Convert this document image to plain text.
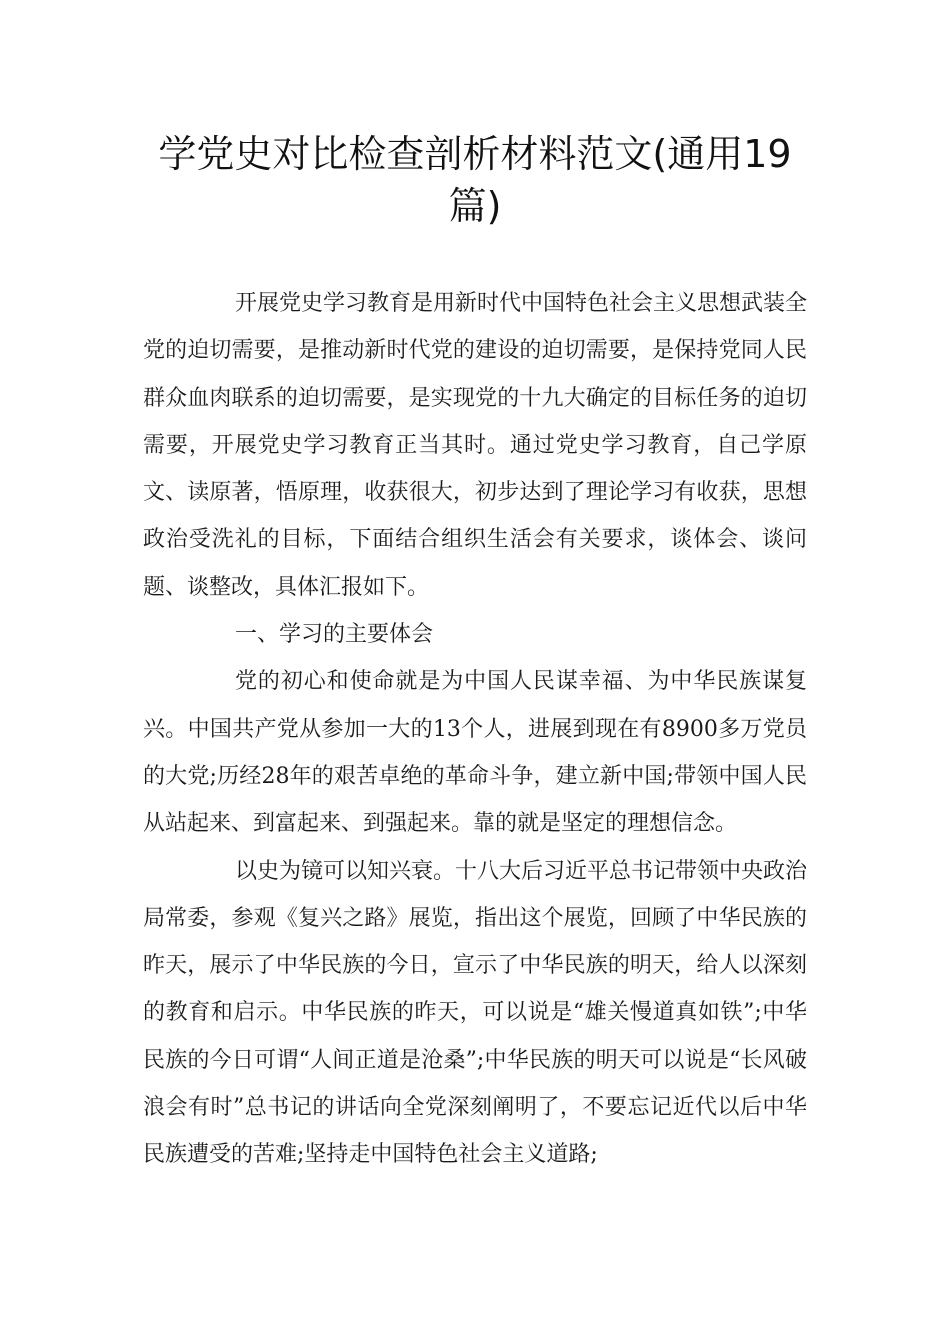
学党史对比检查剖析材料范文(通用19篇)

开展党史学习教育是用新时代中国特色社会主义思想武装全党的迫切需要，是推动新时代党的建设的迫切需要，是保持党同人民群众血肉联系的迫切需要，是实现党的十九大确定的目标任务的迫切需要，开展党史学习教育正当其时。通过党史学习教育，自己学原文、读原著，悟原理，收获很大，初步达到了理论学习有收获，思想政治受洗礼的目标，下面结合组织生活会有关要求，谈体会、谈问题、谈整改，具体汇报如下。

一、学习的主要体会

党的初心和使命就是为中国人民谋幸福、为中华民族谋复兴。中国共产党从参加一大的13个人，进展到现在有8900多万党员的大党;历经28年的艰苦卓绝的革命斗争，建立新中国;带领中国人民从站起来、到富起来、到强起来。靠的就是坚定的理想信念。

以史为镜可以知兴衰。十八大后习近平总书记带领中央政治局常委，参观《复兴之路》展览，指出这个展览，回顾了中华民族的昨天，展示了中华民族的今日，宣示了中华民族的明天，给人以深刻的教育和启示。中华民族的昨天，可以说是“雄关慢道真如铁”;中华民族的今日可谓“人间正道是沧桑”;中华民族的明天可以说是“长风破浪会有时”总书记的讲话向全党深刻阐明了，不要忘记近代以后中华民族遭受的苦难;坚持走中国特色社会主义道路;
